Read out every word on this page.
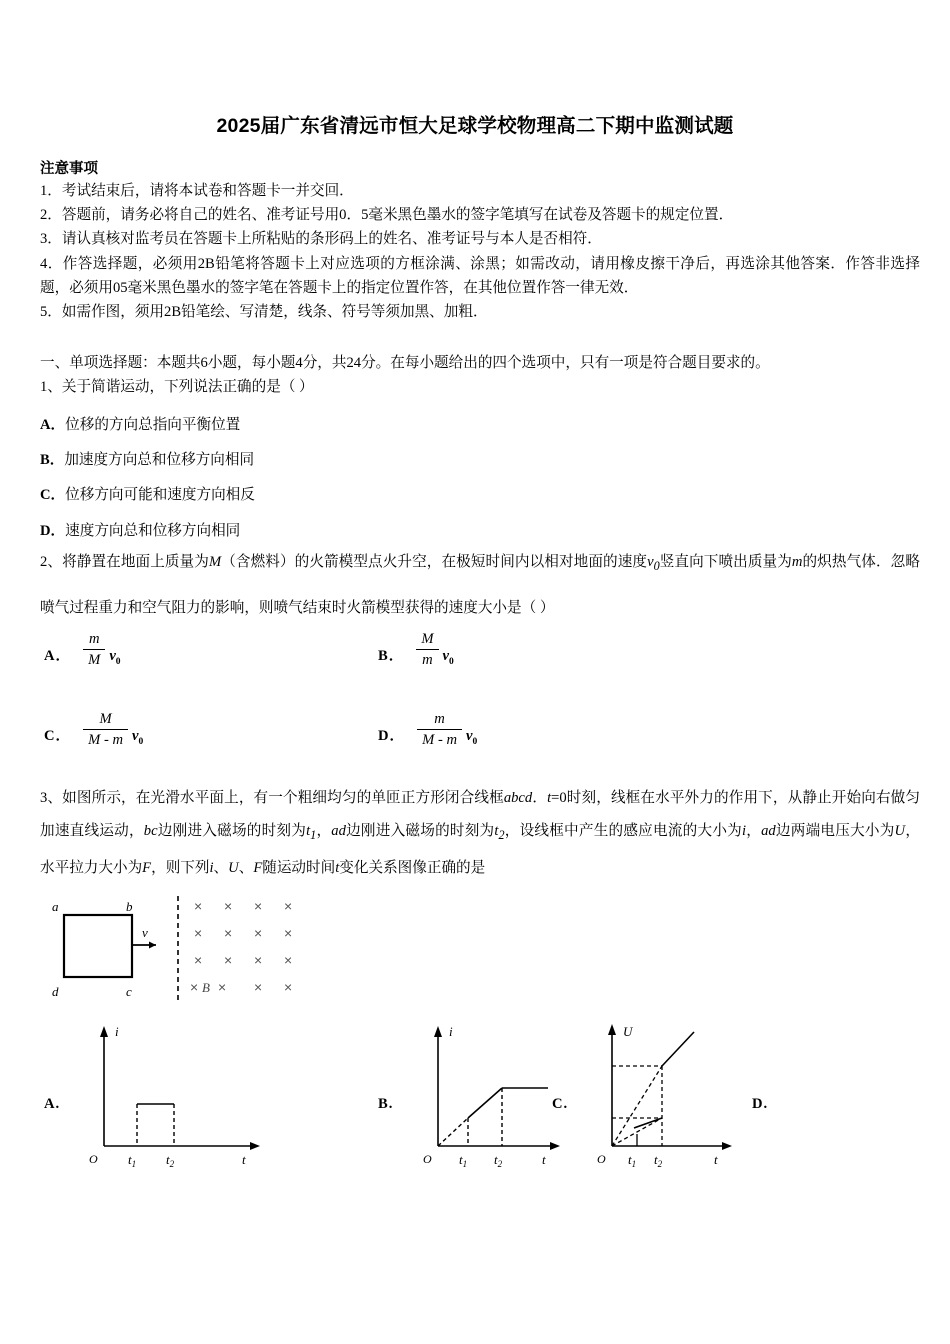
2025届广东省清远市恒大足球学校物理高二下期中监测试题
注意事项
1．考试结束后，请将本试卷和答题卡一并交回．
2．答题前，请务必将自己的姓名、准考证号用0．5毫米黑色墨水的签字笔填写在试卷及答题卡的规定位置．
3．请认真核对监考员在答题卡上所粘贴的条形码上的姓名、准考证号与本人是否相符．
4．作答选择题，必须用2B铅笔将答题卡上对应选项的方框涂满、涂黑；如需改动，请用橡皮擦干净后，再选涂其他答案．作答非选择题，必须用05毫米黑色墨水的签字笔在答题卡上的指定位置作答，在其他位置作答一律无效．
5．如需作图，须用2B铅笔绘、写清楚，线条、符号等须加黑、加粗．
一、单项选择题：本题共6小题，每小题4分，共24分。在每小题给出的四个选项中，只有一项是符合题目要求的。
1、关于简谐运动，下列说法正确的是（ ）
A．位移的方向总指向平衡位置
B．加速度方向总和位移方向相同
C．位移方向可能和速度方向相反
D．速度方向总和位移方向相同
2、将静置在地面上质量为M（含燃料）的火箭模型点火升空，在极短时间内以相对地面的速度$v_0$竖直向下喷出质量为m的炽热气体．忽略喷气过程重力和空气阻力的影响，则喷气结束时火箭模型获得的速度大小是（ ）
A． $\frac{m}{M} v_0$	B． $\frac{M}{m} v_0$
C． $\frac{M}{M - m} v_0$	D． $\frac{m}{M - m} v_0$
3、如图所示，在光滑水平面上，有一个粗细均匀的单匝正方形闭合线框abcd．t=0时刻，线框在水平外力的作用下，从静止开始向右做匀加速直线运动，bc边刚进入磁场的时刻为$t_1$，ad边刚进入磁场的时刻为$t_2$，设线框中产生的感应电流的大小为i，ad边两端电压大小为U，水平拉力大小为F，则下列i、U、F随运动时间t变化关系图像正确的是
a	b
c
d
v
× × × ×
× × × ×
× × × ×
× × × ×
B
A.
i
t
O $t_1$ $t_2$
B.
i
t
O $t_1$ $t_2$
C.
U
t
O $t_1$ $t_2$
D.
